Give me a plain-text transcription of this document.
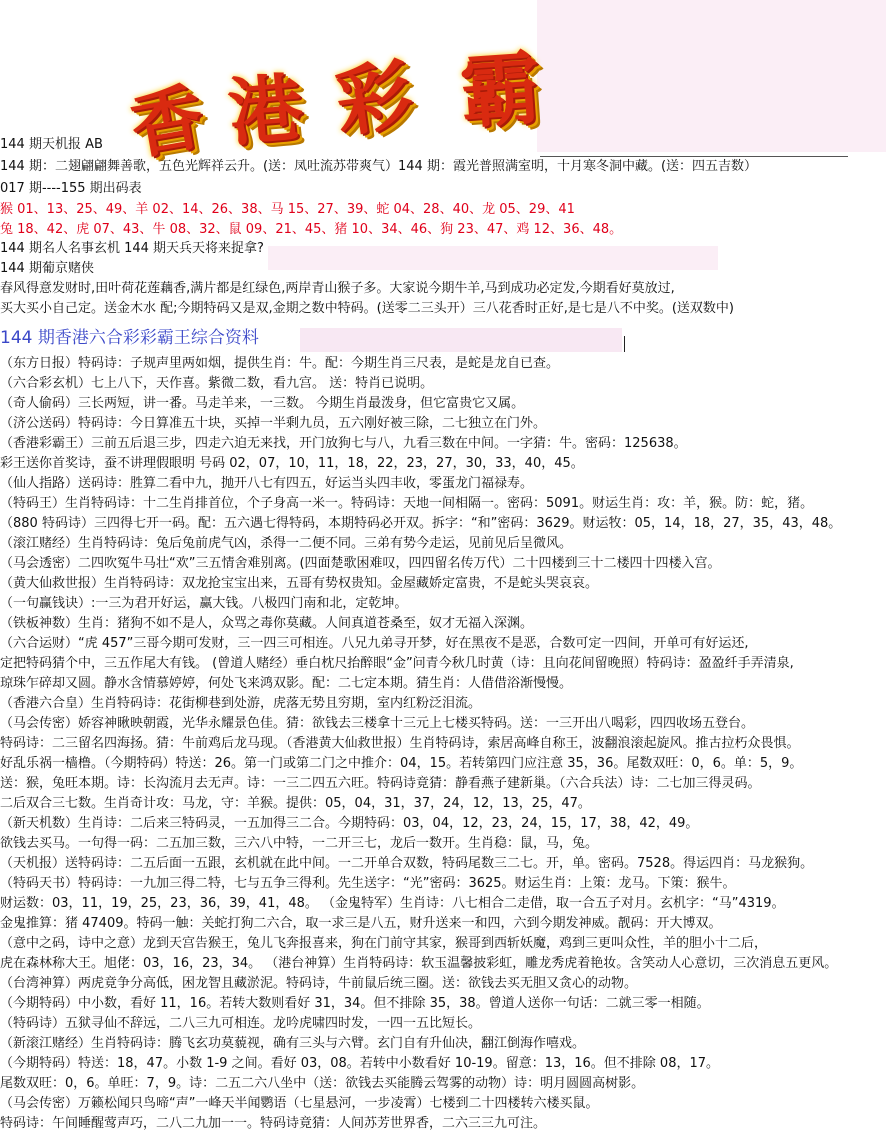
香 港 彩 霸
144 期天机报 AB
144 期：二翅翩翩舞善歌，五色光辉祥云升。(送：凤吐流苏带爽气）144 期：霞光普照满室明，十月寒冬洞中藏。(送：四五吉数）
017 期----155 期出码表
猴 01、13、25、49、羊 02、14、26、38、马 15、27、39、蛇 04、28、40、龙 05、29、41
兔 18、42、虎 07、43、牛 08、32、鼠 09、21、45、猪 10、34、46、狗 23、47、鸡 12、36、48。
144 期名人名事玄机 144 期天兵天将来捉拿?
144 期葡京赌侠
春风得意发财时,田叶荷花莲藕香,满片都是红绿色,两岸青山猴子多。大家说今期牛羊,马到成功必定发,今期看好莫放过,
买大买小自己定。送金木水 配;今期特码又是双,金期之数中特码。(送零二三头开）三八花香时正好,是七是八不中奖。(送双数中)
144 期香港六合彩彩霸王综合资料
（东方日报）特码诗：子规声里两如烟，提供生肖：牛。配：今期生肖三尺表，是蛇是龙自已查。
（六合彩玄机）七上八下，天作喜。紫微二数，看九宫。 送：特肖已说明。
（奇人偷码）三长两短，讲一番。马走羊来，一三数。 今期生肖最泼身，但它富贵它又属。
（济公送码）特码诗：今日算准五十块，买掉一半剩九员，五六刚好被三除，二七独立在门外。
（香港彩霸王）三前五后退三步，四走六迫无来找，开门放狗七与八，九看三数在中间。一字猜：牛。密码：125638。
彩王送你首奖诗，蚕不讲理假眼明 号码 02，07，10，11，18，22，23，27，30，33，40，45。
（仙人指路）送码诗：胜算二看中九，抛开八七有四五，好运当头四丰收，零蛋龙门福禄寿。
（特码王）生肖特码诗：十二生肖排首位，个子身高一米一。特码诗：天地一间相隔一。密码：5091。财运生肖：攻：羊，猴。防：蛇，猪。
（880 特码诗）三四得七开一码。配：五六遇七得特码，本期特码必开双。拆字：“和”密码：3629。财运牧：05，14，18，27，35，43，48。
（滚江赌经）生肖特码诗：兔后兔前虎气凶，杀得一二便不同。三弟有势今走运，见前见后呈微风。
（马会透密）二四吹冤牛马壮“欢”三五情舍难别离。(四面楚歌困难叹，四四留名传万代）二十四楼到三十二楼四十四楼入宫。
（黄大仙救世报）生肖特码诗：双龙抢宝宝出来，五哥有势权贵知。金屋藏娇定富贵，不是蛇头哭哀哀。
（一句赢钱诀）:一三为君开好运，赢大钱。八极四门南和北，定乾坤。
（铁板神数）生肖：猪狗不如不是人，众骂之毒你莫藏。人间真道苍桑至，奴才无福入深渊。
（六合运财）“虎 457”三哥今期可发财，三一四三可相连。八兄九弟寻开梦，好在黑夜不是恶，合数可定一四间，开单可有好运还,
定把特码猜个中，三五作尾大有钱。 (曾道人赌经）垂白枕尺抬醉眼“金”问青今秋几时黄（诗：且向花间留晚照）特码诗：盈盈纤手弄清泉,
琼珠乍碎却又圆。静水含情慕婷婷，何处飞来鸿双影。配：二七定本期。猜生肖：人借借浴渐慢慢。
（香港六合皇）生肖特码诗：花街柳巷到处游，虎落无势且穷期，室内红粉泛泪流。
（马会传密）娇容神瞅映朝霞，光华永耀景色佳。猜：欲钱去三楼拿十三元上七楼买特码。送：一三开出八喝彩，四四收场五登台。
特码诗：二三留名四海扬。猜：牛前鸡后龙马现。（香港黄大仙救世报）生肖特码诗，索居高峰自称王，波翻浪滚起旋风。推古拉朽众畏惧。
好乱乐祸一樯橹。（今期特码）特送：26。第一门或第二门之中推介：04，15。若转第四门应注意 35，36。尾数双旺：0，6。单：5，9。
送：猴，兔旺本期。诗：长沟流月去无声。诗：一三二四五六旺。特码诗竟猜：静看燕子建新巢。（六合兵法）诗：二七加三得灵码。
二后双合三七数。生肖奇计攻：马龙，守：羊猴。提供：05，04，31，37，24，12，13，25，47。
（新天机数）生肖诗：二后来三特码灵，一五加得三二合。今期特码：03，04，12，23，24，15，17，38，42，49。
欲钱去买马。一句得一码：二五加三数，三六八中特，一二开三七，龙后一数开。生肖稳：鼠，马，兔。
（天机报）送特码诗：二五后面一五跟，玄机就在此中间。一二开单合双数，特码尾数三二七。开，单。密码。7528。得运四肖：马龙猴狗。
（特码天书）特码诗：一九加三得二特，七与五争三得利。先生送字：“光”密码：3625。财运生肖：上策：龙马。下策：猴牛。
财运数：03，11，19，25，23，36，39，41，48。 （金鬼特军）生肖诗：八七相合二走借，取一合五子对月。玄机字：“马”4319。
金鬼推算：猪 47409。特码一触：关蛇打狗二六合，取一求三是八五，财升送来一和四，六到今期发神威。靓码：开大博双。
（意中之码，诗中之意）龙到天宫告猴王，兔儿飞奔报喜来，狗在门前守其家，猴哥到西斩妖魔，鸡到三更叫众性，羊的胆小十二后，
虎在森林称大王。旭佬：03，16，23，34。 （港台神算）生肖特码诗：软玉温馨披彩虹，雕龙秀虎着艳妆。含笑动人心意切，三次消息五更风。
（台湾神算）两虎竟争分高低，困龙智且藏淤泥。特码诗，牛前鼠后统三圈。送：欲钱去买无胆又贪心的动物。
（今期特码）中小数，看好 11，16。若转大数则看好 31，34。但不排除 35，38。曾道人送你一句话：二就三零一相随。
（特码诗）五狱寻仙不辞远，二八三九可相连。龙吟虎啸四时发，一四一五比短长。
（新滚江赌经）生肖特码诗：腾飞玄功莫藐视，确有三头与六臂。玄门自有升仙决，翻江倒海作嘻戏。
（今期特码）特送：18，47。小数 1-9 之间。看好 03，08。若转中小数看好 10-19。留意：13，16。但不排除 08，17。
尾数双旺：0，6。单旺：7，9。诗：二五二六八坐中（送：欲钱去买能腾云驾雾的动物）诗：明月圆圆高树影。
（马会传密）万籁松闻只鸟啼“声”一峰天半闻鹦语（七星悬河，一步凌霄）七楼到二十四楼转六楼买鼠。
特码诗：午间睡醒莺声巧，二八二九加一一。特码诗竟猜：人间苏芳世界香，二六三三九可注。
